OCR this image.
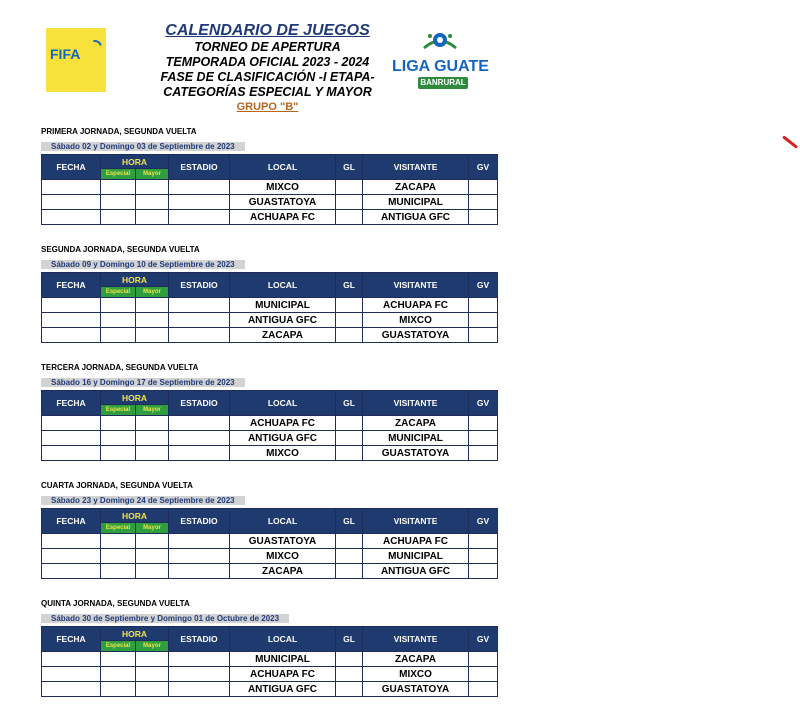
FIFA
CALENDARIO DE JUEGOS
TORNEO DE APERTURA
TEMPORADA OFICIAL 2023 - 2024
FASE DE CLASIFICACIÓN -I ETAPA-
CATEGORÍAS ESPECIAL Y MAYOR
GRUPO "B"
LIGA GUATE
BANRURAL
PRIMERA JORNADA, SEGUNDA VUELTA
Sábado 02 y Domingo 03 de Septiembre de 2023
FECHA	HORA		ESTADIO	LOCAL	GL	VISITANTE	GV
	Especial	Mayor					
				MIXCO		ZACAPA	
				GUASTATOYA		MUNICIPAL	
				ACHUAPA FC		ANTIGUA GFC	
SEGUNDA JORNADA, SEGUNDA VUELTA
Sábado 09 y Domingo 10 de Septiembre de 2023
FECHA	HORA		ESTADIO	LOCAL	GL	VISITANTE	GV
	Especial	Mayor					
				MUNICIPAL		ACHUAPA FC	
				ANTIGUA GFC		MIXCO	
				ZACAPA		GUASTATOYA	
TERCERA JORNADA, SEGUNDA VUELTA
Sábado 16 y Domingo 17 de Septiembre de 2023
FECHA	HORA		ESTADIO	LOCAL	GL	VISITANTE	GV
	Especial	Mayor					
				ACHUAPA FC		ZACAPA	
				ANTIGUA GFC		MUNICIPAL	
				MIXCO		GUASTATOYA	
CUARTA JORNADA, SEGUNDA VUELTA
Sábado 23 y Domingo 24 de Septiembre de 2023
FECHA	HORA		ESTADIO	LOCAL	GL	VISITANTE	GV
	Especial	Mayor					
				GUASTATOYA		ACHUAPA FC	
				MIXCO		MUNICIPAL	
				ZACAPA		ANTIGUA GFC	
QUINTA JORNADA, SEGUNDA VUELTA
Sábado 30 de Septiembre y Domingo 01 de Octubre de 2023
FECHA	HORA		ESTADIO	LOCAL	GL	VISITANTE	GV
	Especial	Mayor					
				MUNICIPAL		ZACAPA	
				ACHUAPA FC		MIXCO	
				ANTIGUA GFC		GUASTATOYA	
